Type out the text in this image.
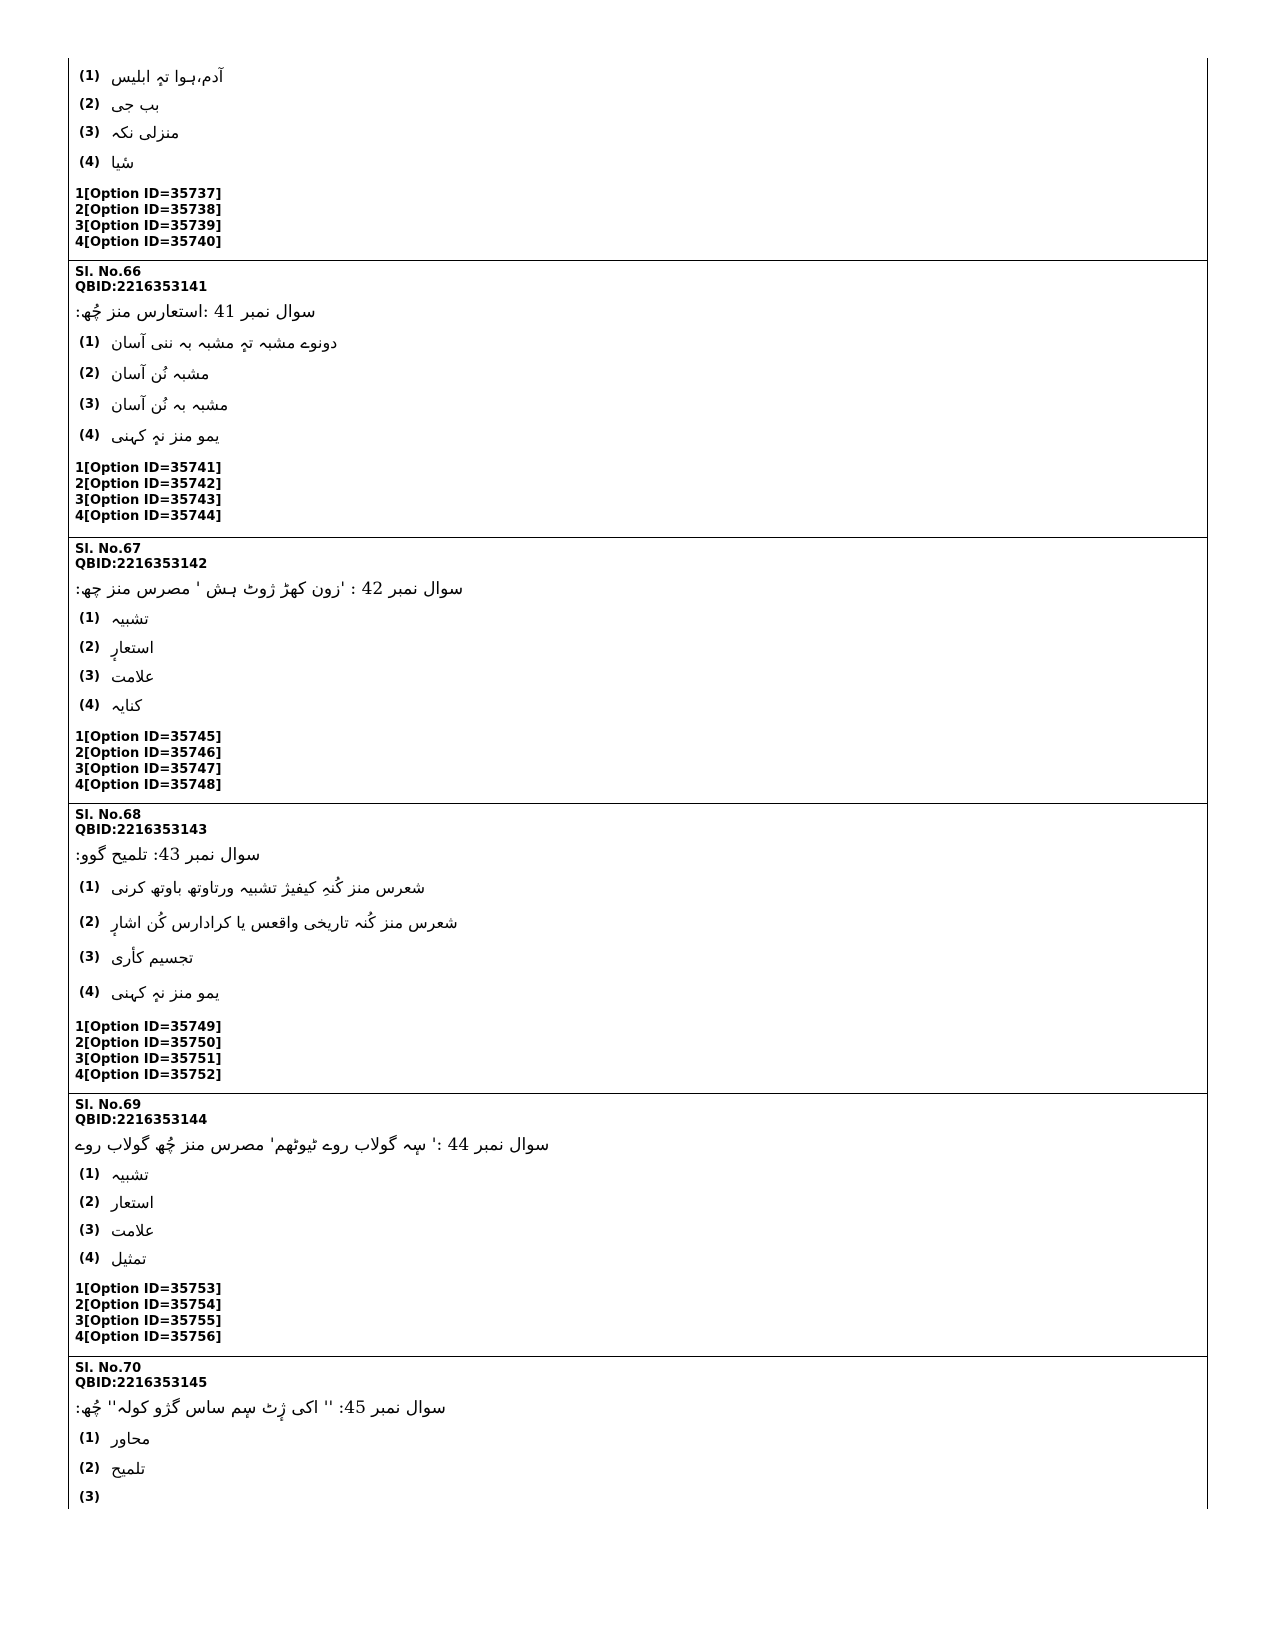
(1) آدم،ہوا تہٕ ابلیس
(2) بب جی
(3) منزلی نکہ
(4) سٔیا
1[Option ID=35737]
2[Option ID=35738]
3[Option ID=35739]
4[Option ID=35740]
Sl. No.66
QBID:2216353141
سوال نمبر 41 :استعارس منز چُھ:
(1) دونوے مشبہ تہٕ مشبہ بہ ننی آسان
(2) مشبہ نُن آسان
(3) مشبہ بہ نُن آسان
(4) یمو منز نہٕ کہنی
1[Option ID=35741]
2[Option ID=35742]
3[Option ID=35743]
4[Option ID=35744]
Sl. No.67
QBID:2216353142
سوال نمبر 42 : 'زون کھڑ ژوٹ ہش ' مصرس منز چھ:
(1) تشبیہ
(2) استعارٕ
(3) علامت
(4) کنایہ
1[Option ID=35745]
2[Option ID=35746]
3[Option ID=35747]
4[Option ID=35748]
Sl. No.68
QBID:2216353143
سوال نمبر 43: تلمیح گوو:
(1) شعرس منز کُنہِ کیفیژ تشبیہ ورتاوتھ باوتھ کرنی
(2) شعرس منز کُنہ تاریخی واقعس یا کرادارس کُن اشارٕ
(3) تجسیم کأری
(4) یمو منز نہٕ کہنی
1[Option ID=35749]
2[Option ID=35750]
3[Option ID=35751]
4[Option ID=35752]
Sl. No.69
QBID:2216353144
سوال نمبر 44 :' سٕہ گولاب روے ٹیوٹھم' مصرس منز چُھ گولاب روے
(1) تشبیہ
(2) استعار
(3) علامت
(4) تمثیل
1[Option ID=35753]
2[Option ID=35754]
3[Option ID=35755]
4[Option ID=35756]
Sl. No.70
QBID:2216353145
سوال نمبر 45: '' اکی ژٕٹ سٕم ساس گژو کولہ'' چُھ:
(1) محاور
(2) تلمیح
(3)
